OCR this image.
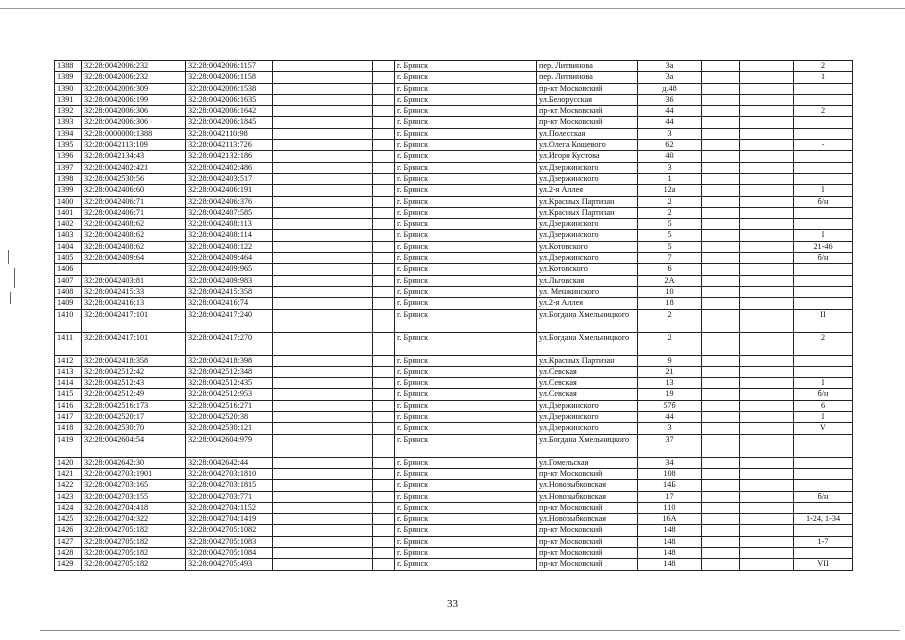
1388	32:28:0042006:232	32:28:0042006:1157			г. Брянск	пер. Литвинова	3а			2
1389	32:28:0042006:232	32:28:0042006:1158			г. Брянск	пер. Литвинова	3а			1
1390	32:28:0042006:309	32:28:0042006:1538			г. Брянск	пр-кт Московский	д.48			
1391	32:28:0042006:199	32:28:0042006:1635			г. Брянск	ул.Белорусская	36			
1392	32:28:0042006:306	32:28:0042006:1642			г. Брянск	пр-кт Московский	44			2
1393	32:28:0042006:306	32:28:0042006:1845			г. Брянск	пр-кт Московский	44			
1394	32:28:0000000:1388	32:28:0042110:98			г. Брянск	ул.Полесская	3			
1395	32:28:0042113:109	32:28:0042113:726			г. Брянск	ул.Олега Кошевого	62			-
1396	32:28:0042134:43	32:28:0042132:186			г. Брянск	ул.Игоря Кустова	40			
1397	32:28:0042402:421	32:28:0042402:486			г. Брянск	ул.Дзержинского	3			
1398	32:28:0042530:56	32:28:0042403:517			г. Брянск	ул.Дзержинского	1			
1399	32:28:0042406:60	32:28:0042406:191			г. Брянск	ул.2-я Аллея	12а			I
1400	32:28:0042406:71	32:28:0042406:376			г. Брянск	ул.Красных Партизан	2			б/н
1401	32:28:0042406:71	32:28:0042407:585			г. Брянск	ул.Красных Партизан	2			
1402	32:28:0042408:62	32:28:0042408:113			г. Брянск	ул.Дзержинского	5			
1403	32:28:0042408:62	32:28:0042408:114			г. Брянск	ул.Дзержинского	5			I
1404	32:28:0042408:62	32:28:0042408:122			г. Брянск	ул.Котовского	5			21-46
1405	32:28:0042409:64	32:28:0042409:464			г. Брянск	ул.Дзержинского	7			б/н
1406		32:28:0042409:965			г. Брянск	ул.Котовского	6			
1407	32:28:0042403:81	32:28:0042409:983			г. Брянск	ул.Льговская	2А			
1408	32:28:0042415:33	32:28:0042415:358			г. Брянск	ул. Менжинского	10			
1409	32:28:0042416:13	32:28:0042416:74			г. Брянск	ул.2-я Аллея	18			
1410	32:28:0042417:101	32:28:0042417:240			г. Брянск	ул.Богдана Хмельницкого	2			II
1411	32:28:0042417:101	32:28:0042417:270			г. Брянск	ул.Богдана Хмельницкого	2			2
1412	32:28:0042418:358	32:28:0042418:398			г. Брянск	ул.Красных Партизан	9			
1413	32:28:0042512:42	32:28:0042512:348			г. Брянск	ул.Севская	21			
1414	32:28:0042512:43	32:28:0042512:435			г. Брянск	ул.Севская	13			I
1415	32:28:0042512:49	32:28:0042512:953			г. Брянск	ул.Севская	19			б/н
1416	32:28:0042516:173	32:28:0042516:271			г. Брянск	ул.Дзержинского	57б			6
1417	32:28:0042520:17	32:28:0042520:38			г. Брянск	ул.Дзержинского	44			I
1418	32:28:0042530:70	32:28:0042530:121			г. Брянск	ул.Дзержинского	3			V
1419	32:28:0042604:54	32:28:0042604:979			г. Брянск	ул.Богдана Хмельницкого	37			
1420	32:28:0042642:30	32:28:0042642:44			г. Брянск	ул.Гомельская	34			
1421	32:28:0042703:1901	32:28:0042703:1810			г. Брянск	пр-кт Московский	108			
1422	32:28:0042703:165	32:28:0042703:1815			г. Брянск	ул.Новозыбковская	14Б			
1423	32:28:0042703:155	32:28:0042703:771			г. Брянск	ул.Новозыбковская	17			б/н
1424	32:28:0042704:418	32:28:0042704:1152			г. Брянск	пр-кт Московский	110			
1425	32:28:0042704:322	32:28:0042704:1419			г. Брянск	ул.Новозыбковская	16А			1-24, 1-34
1426	32:28:0042705:182	32:28:0042705:1082			г. Брянск	пр-кт Московский	148			
1427	32:28:0042705:182	32:28:0042705:1083			г. Брянск	пр-кт Московский	148			1-7
1428	32:28:0042705:182	32:28:0042705:1084			г. Брянск	пр-кт Московский	148			
1429	32:28:0042705:182	32:28:0042705:493			г. Брянск	пр-кт Московский	148			VII
33
